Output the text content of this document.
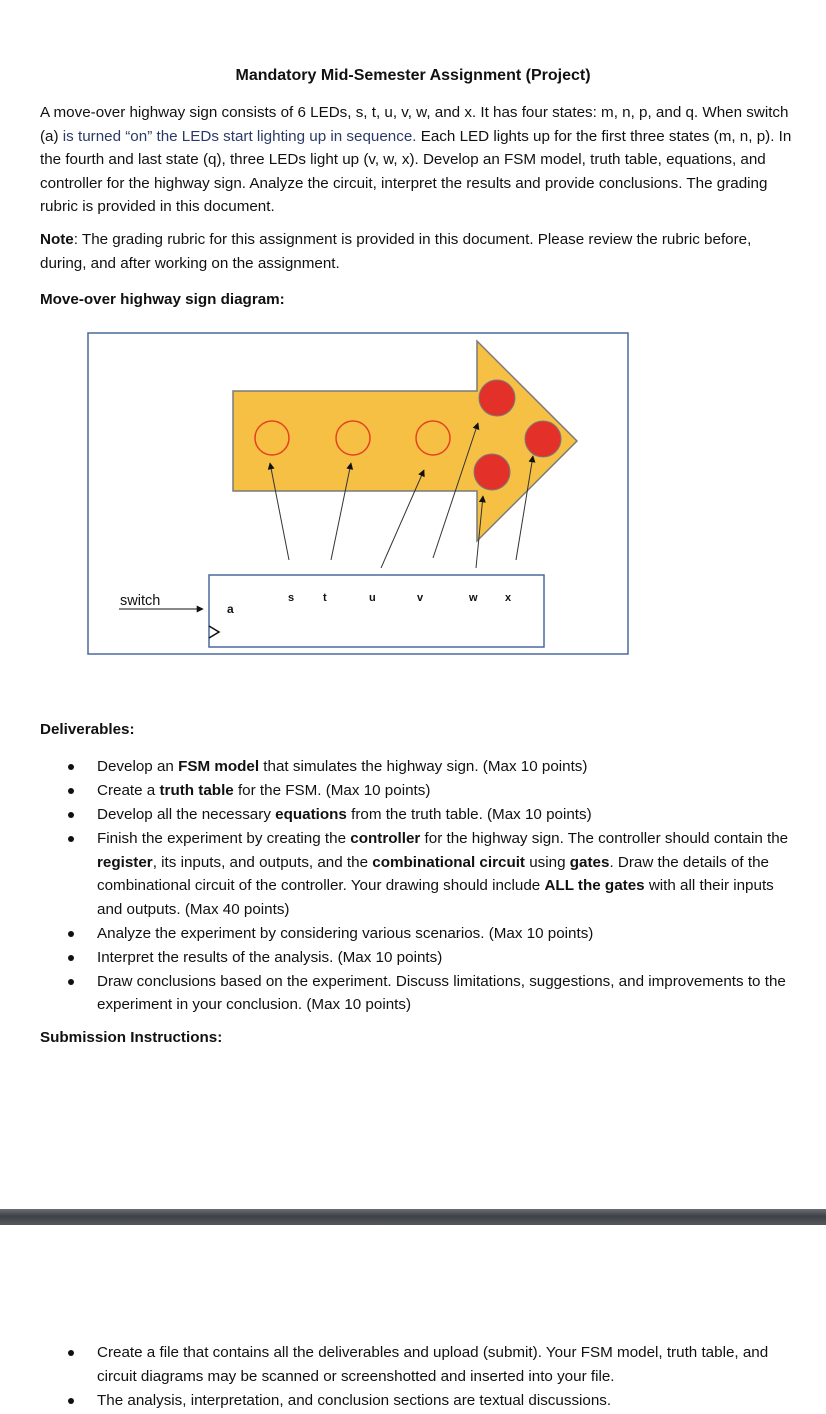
Mandatory Mid-Semester Assignment (Project)

A move-over highway sign consists of 6 LEDs, s, t, u, v, w, and x. It has four states: m, n, p, and q. When switch (a) is turned “on” the LEDs start lighting up in sequence. Each LED lights up for the first three states (m, n, p). In the fourth and last state (q), three LEDs light up (v, w, x). Develop an FSM model, truth table, equations, and controller for the highway sign. Analyze the circuit, interpret the results and provide conclusions. The grading rubric is provided in this document.

Note: The grading rubric for this assignment is provided in this document. Please review the rubric before, during, and after working on the assignment.

Move-over highway sign diagram:
switch	a
s	t	u	v	w x
Deliverables:
Develop an FSM model that simulates the highway sign. (Max 10 points)
Create a truth table for the FSM. (Max 10 points)
Develop all the necessary equations from the truth table. (Max 10 points)
Finish the experiment by creating the controller for the highway sign. The controller should contain the register, its inputs, and outputs, and the combinational circuit using gates. Draw the details of the combinational circuit of the controller. Your drawing should include ALL the gates with all their inputs and outputs. (Max 40 points)
Analyze the experiment by considering various scenarios. (Max 10 points)
Interpret the results of the analysis. (Max 10 points)
Draw conclusions based on the experiment. Discuss limitations, suggestions, and improvements to the experiment in your conclusion. (Max 10 points)
Submission Instructions:
Create a file that contains all the deliverables and upload (submit). Your FSM model, truth table, and circuit diagrams may be scanned or screenshotted and inserted into your file.
The analysis, interpretation, and conclusion sections are textual discussions.
